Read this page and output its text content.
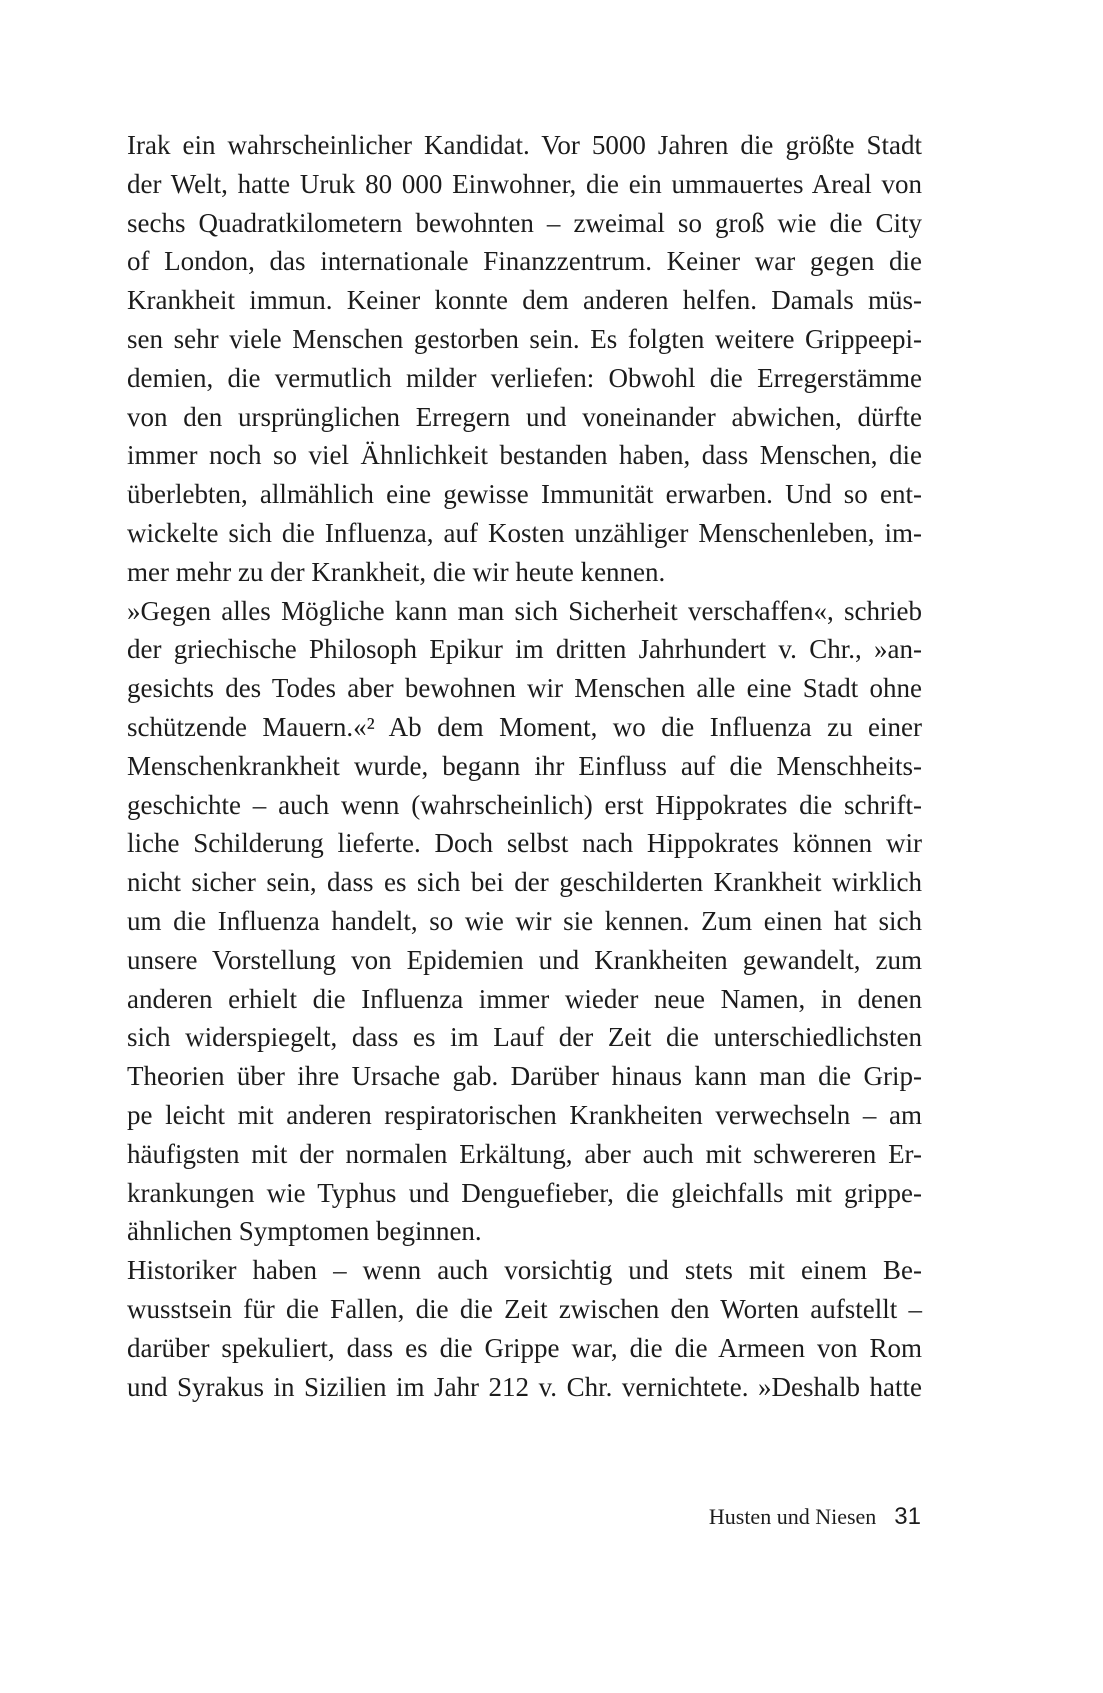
Irak ein wahrscheinlicher Kandidat. Vor 5000 Jahren die größte Stadt
der Welt, hatte Uruk 80 000 Einwohner, die ein ummauertes Areal von
sechs Quadratkilometern bewohnten – zweimal so groß wie die City
of London, das internationale Finanzzentrum. Keiner war gegen die
Krankheit immun. Keiner konnte dem anderen helfen. Damals müs-
sen sehr viele Menschen gestorben sein. Es folgten weitere Grippeepi-
demien, die vermutlich milder verliefen: Obwohl die Erregerstämme
von den ursprünglichen Erregern und voneinander abwichen, dürfte
immer noch so viel Ähnlichkeit bestanden haben, dass Menschen, die
überlebten, allmählich eine gewisse Immunität erwarben. Und so ent-
wickelte sich die Influenza, auf Kosten unzähliger Menschenleben, im-
mer mehr zu der Krankheit, die wir heute kennen.
»Gegen alles Mögliche kann man sich Sicherheit verschaffen«, schrieb
der griechische Philosoph Epikur im dritten Jahrhundert v. Chr., »an-
gesichts des Todes aber bewohnen wir Menschen alle eine Stadt ohne
schützende Mauern.«² Ab dem Moment, wo die Influenza zu einer
Menschenkrankheit wurde, begann ihr Einfluss auf die Menschheits-
geschichte – auch wenn (wahrscheinlich) erst Hippokrates die schrift-
liche Schilderung lieferte. Doch selbst nach Hippokrates können wir
nicht sicher sein, dass es sich bei der geschilderten Krankheit wirklich
um die Influenza handelt, so wie wir sie kennen. Zum einen hat sich
unsere Vorstellung von Epidemien und Krankheiten gewandelt, zum
anderen erhielt die Influenza immer wieder neue Namen, in denen
sich widerspiegelt, dass es im Lauf der Zeit die unterschiedlichsten
Theorien über ihre Ursache gab. Darüber hinaus kann man die Grip-
pe leicht mit anderen respiratorischen Krankheiten verwechseln – am
häufigsten mit der normalen Erkältung, aber auch mit schwereren Er-
krankungen wie Typhus und Denguefieber, die gleichfalls mit grippe-
ähnlichen Symptomen beginnen.
Historiker haben – wenn auch vorsichtig und stets mit einem Be-
wusstsein für die Fallen, die die Zeit zwischen den Worten aufstellt –
darüber spekuliert, dass es die Grippe war, die die Armeen von Rom
und Syrakus in Sizilien im Jahr 212 v. Chr. vernichtete. »Deshalb hatte
Husten und Niesen 31
